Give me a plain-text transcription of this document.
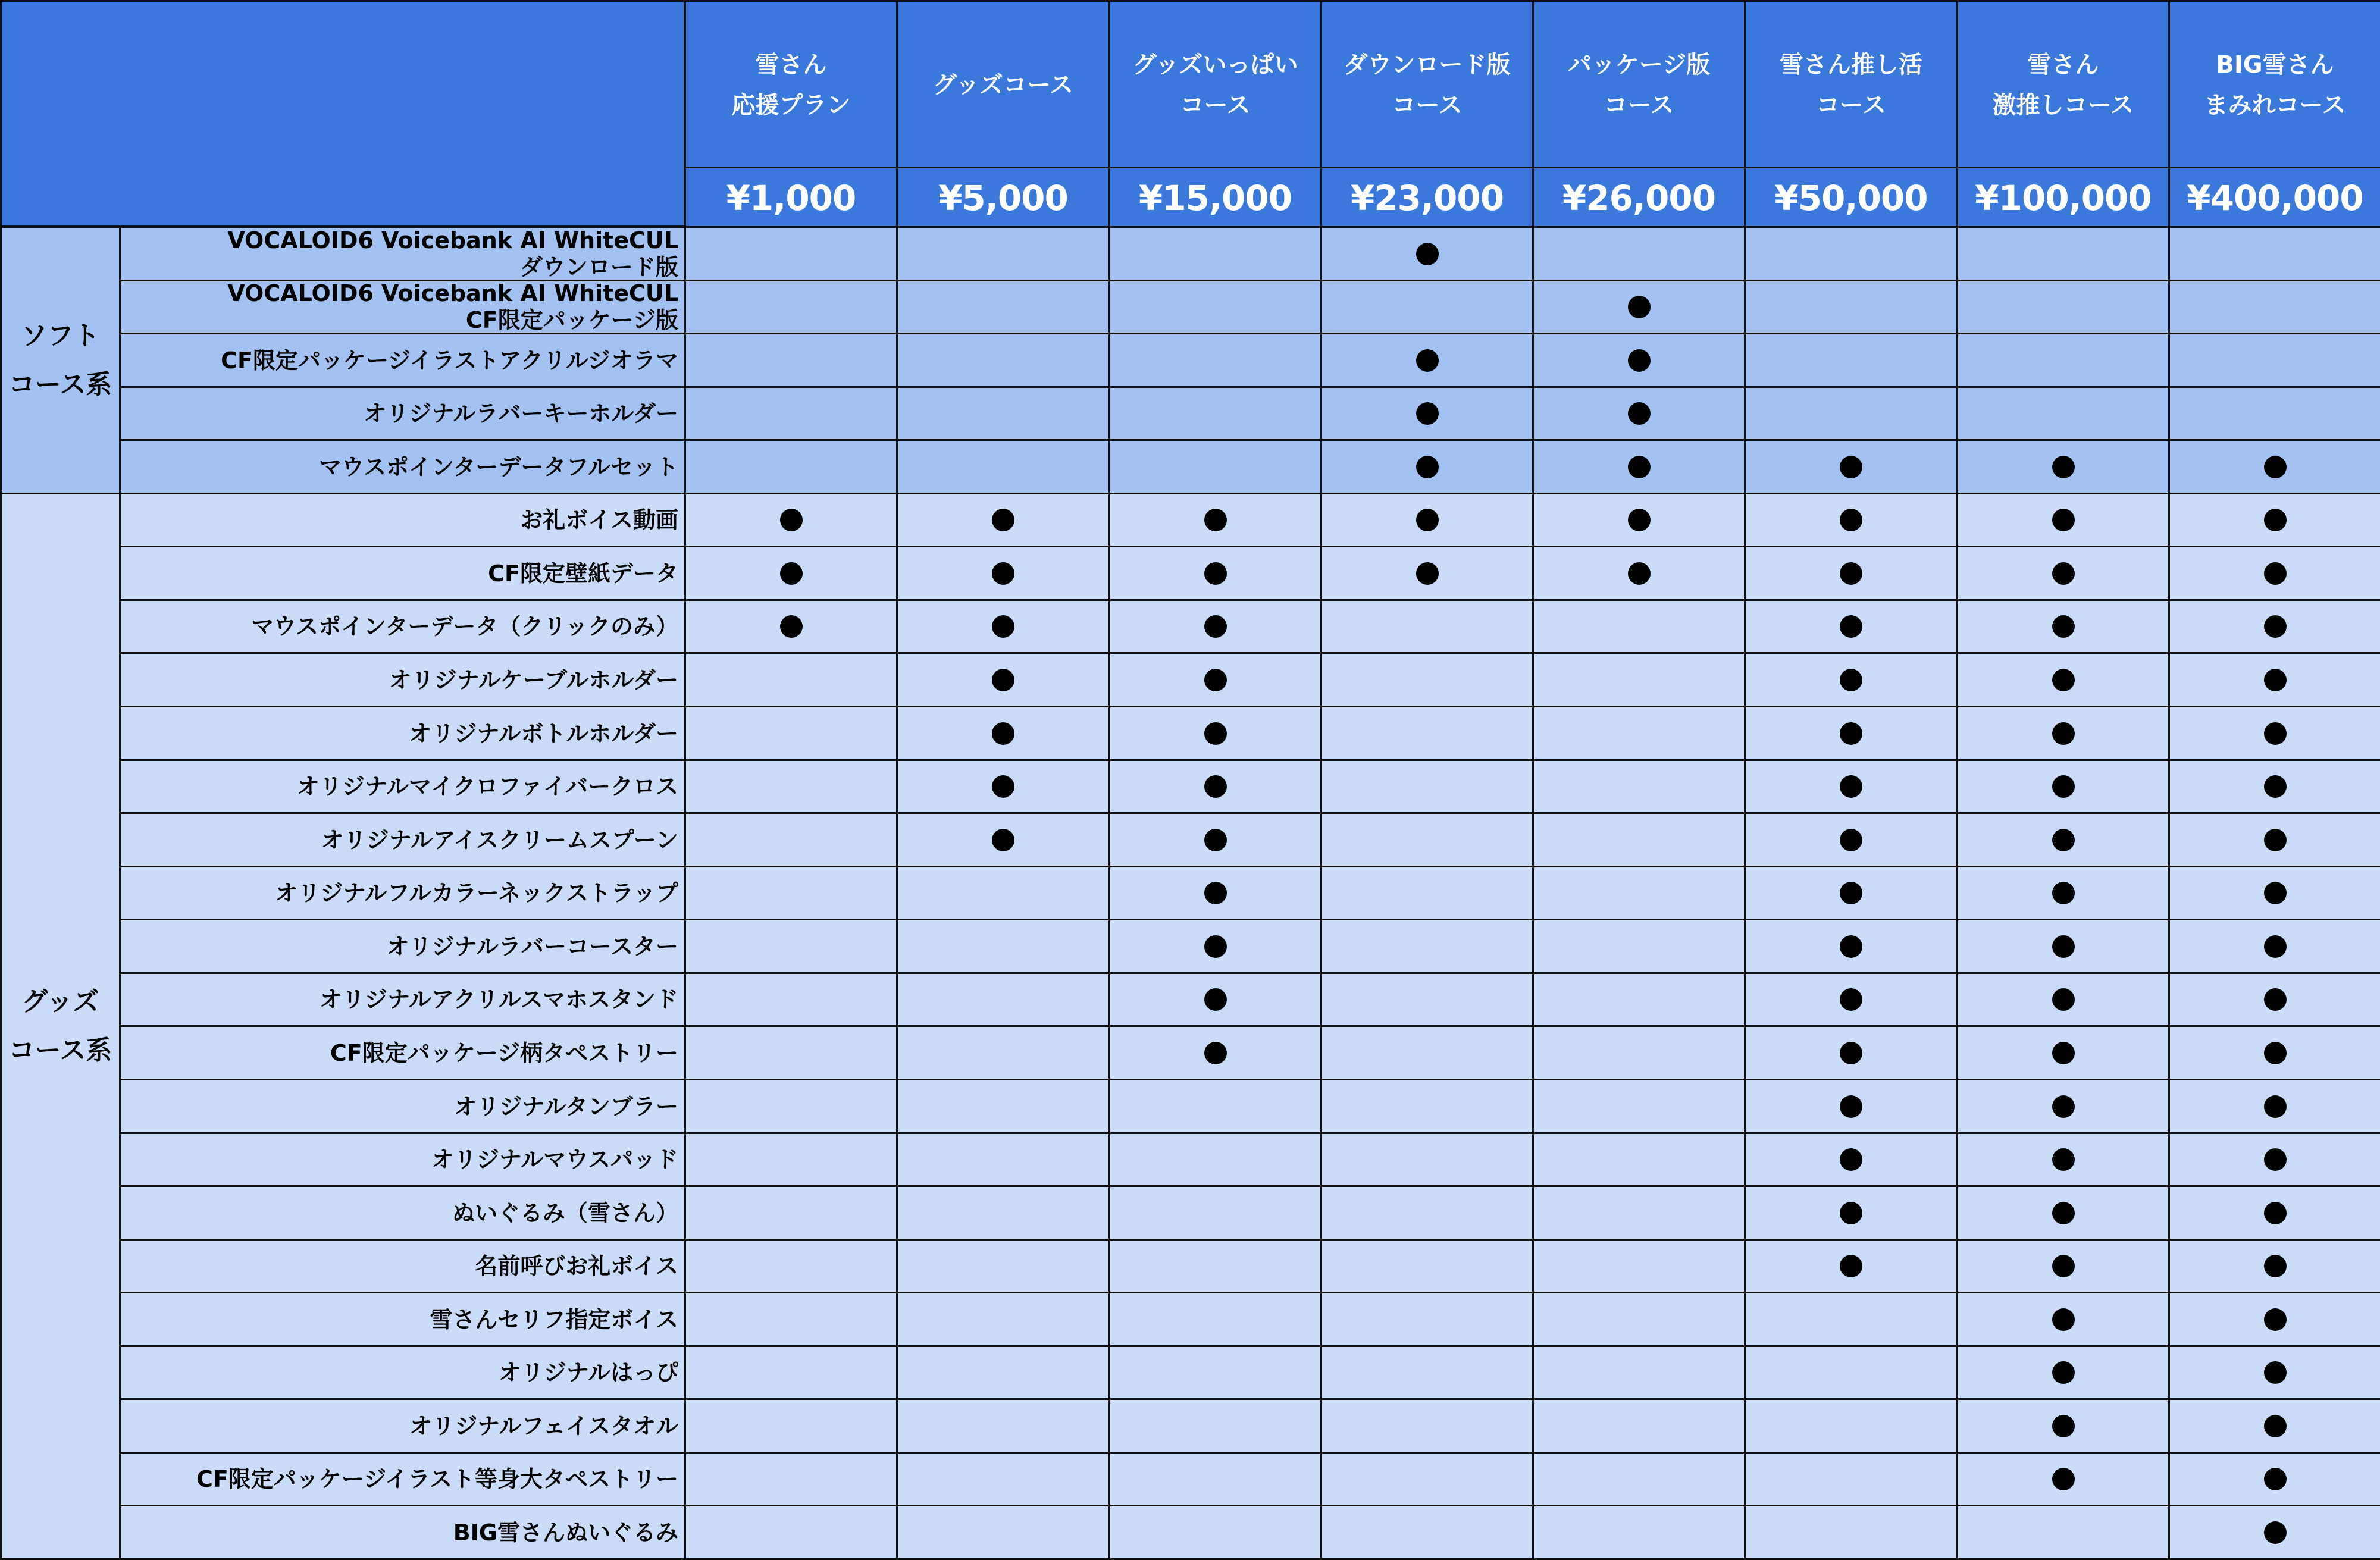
雪さん
応援プラン
¥1,000
グッズコース
¥5,000
グッズいっぱい
コース
¥15,000
ダウンロード版
コース
¥23,000
パッケージ版
コース
¥26,000
雪さん推し活
コース
¥50,000
雪さん
激推しコース
¥100,000
BIG雪さん
まみれコース
¥400,000
VOCALOID6 Voicebank AI WhiteCUL
ダウンロード版
VOCALOID6 Voicebank AI WhiteCUL
CF限定パッケージ版
CF限定パッケージイラストアクリルジオラマ
オリジナルラバーキーホルダー
マウスポインターデータフルセット
ソフト
コース系
お礼ボイス動画
CF限定壁紙データ
マウスポインターデータ（クリックのみ）
オリジナルケーブルホルダー
オリジナルボトルホルダー
オリジナルマイクロファイバークロス
オリジナルアイスクリームスプーン
オリジナルフルカラーネックストラップ
オリジナルラバーコースター
オリジナルアクリルスマホスタンド
CF限定パッケージ柄タペストリー
オリジナルタンブラー
オリジナルマウスパッド
ぬいぐるみ（雪さん）
名前呼びお礼ボイス
雪さんセリフ指定ボイス
オリジナルはっぴ
オリジナルフェイスタオル
CF限定パッケージイラスト等身大タペストリー
BIG雪さんぬいぐるみ
グッズ
コース系
